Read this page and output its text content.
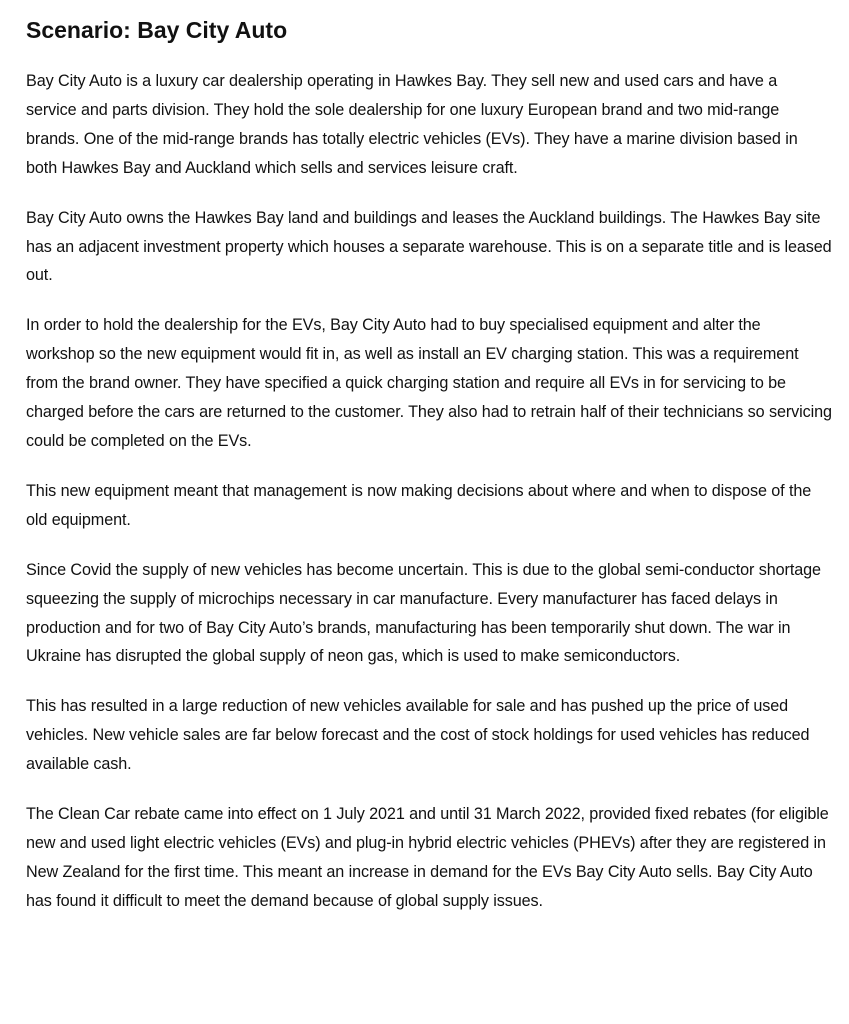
Scenario: Bay City Auto

Bay City Auto is a luxury car dealership operating in Hawkes Bay. They sell new and used cars and have a service and parts division. They hold the sole dealership for one luxury European brand and two mid-range brands. One of the mid-range brands has totally electric vehicles (EVs). They have a marine division based in both Hawkes Bay and Auckland which sells and services leisure craft.

Bay City Auto owns the Hawkes Bay land and buildings and leases the Auckland buildings. The Hawkes Bay site has an adjacent investment property which houses a separate warehouse. This is on a separate title and is leased out.

In order to hold the dealership for the EVs, Bay City Auto had to buy specialised equipment and alter the workshop so the new equipment would fit in, as well as install an EV charging station. This was a requirement from the brand owner. They have specified a quick charging station and require all EVs in for servicing to be charged before the cars are returned to the customer. They also had to retrain half of their technicians so servicing could be completed on the EVs.

This new equipment meant that management is now making decisions about where and when to dispose of the old equipment.

Since Covid the supply of new vehicles has become uncertain. This is due to the global semi-conductor shortage squeezing the supply of microchips necessary in car manufacture. Every manufacturer has faced delays in production and for two of Bay City Auto’s brands, manufacturing has been temporarily shut down. The war in Ukraine has disrupted the global supply of neon gas, which is used to make semiconductors.

This has resulted in a large reduction of new vehicles available for sale and has pushed up the price of used vehicles. New vehicle sales are far below forecast and the cost of stock holdings for used vehicles has reduced available cash.

The Clean Car rebate came into effect on 1 July 2021 and until 31 March 2022, provided fixed rebates (for eligible new and used light electric vehicles (EVs) and plug-in hybrid electric vehicles (PHEVs) after they are registered in New Zealand for the first time. This meant an increase in demand for the EVs Bay City Auto sells. Bay City Auto has found it difficult to meet the demand because of global supply issues.
